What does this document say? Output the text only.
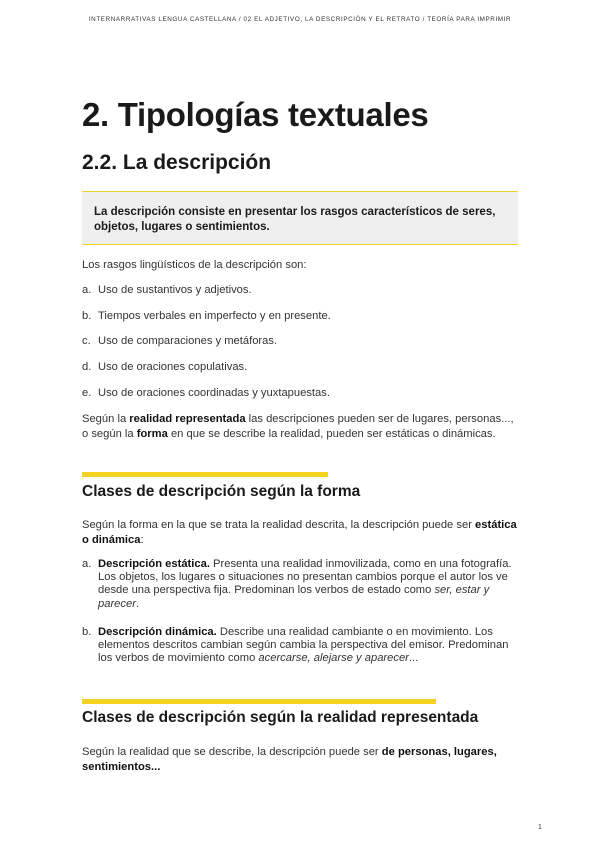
INTERNARRATIVAS LENGUA CASTELLANA / 02 EL ADJETIVO, LA DESCRIPCIÓN Y EL RETRATO / TEORÍA PARA IMPRIMIR
2. Tipologías textuales
2.2. La descripción
La descripción consiste en presentar los rasgos característicos de seres, objetos, lugares o sentimientos.

Los rasgos lingüísticos de la descripción son:

a. Uso de sustantivos y adjetivos.
b. Tiempos verbales en imperfecto y en presente.
c. Uso de comparaciones y metáforas.
d. Uso de oraciones copulativas.
e. Uso de oraciones coordinadas y yuxtapuestas.

Según la realidad representada las descripciones pueden ser de lugares, personas..., o según la forma en que se describe la realidad, pueden ser estáticas o dinámicas.

Clases de descripción según la forma

Según la forma en la que se trata la realidad descrita, la descripción puede ser estática o dinámica:

a. Descripción estática. Presenta una realidad inmovilizada, como en una fotografía. Los objetos, los lugares o situaciones no presentan cambios porque el autor los ve desde una perspectiva fija. Predominan los verbos de estado como ser, estar y parecer.
b. Descripción dinámica. Describe una realidad cambiante o en movimiento. Los elementos descritos cambian según cambia la perspectiva del emisor. Predominan los verbos de movimiento como acercarse, alejarse y aparecer...
Clases de descripción según la realidad representada

Según la realidad que se describe, la descripción puede ser de personas, lugares, sentimientos...

1
